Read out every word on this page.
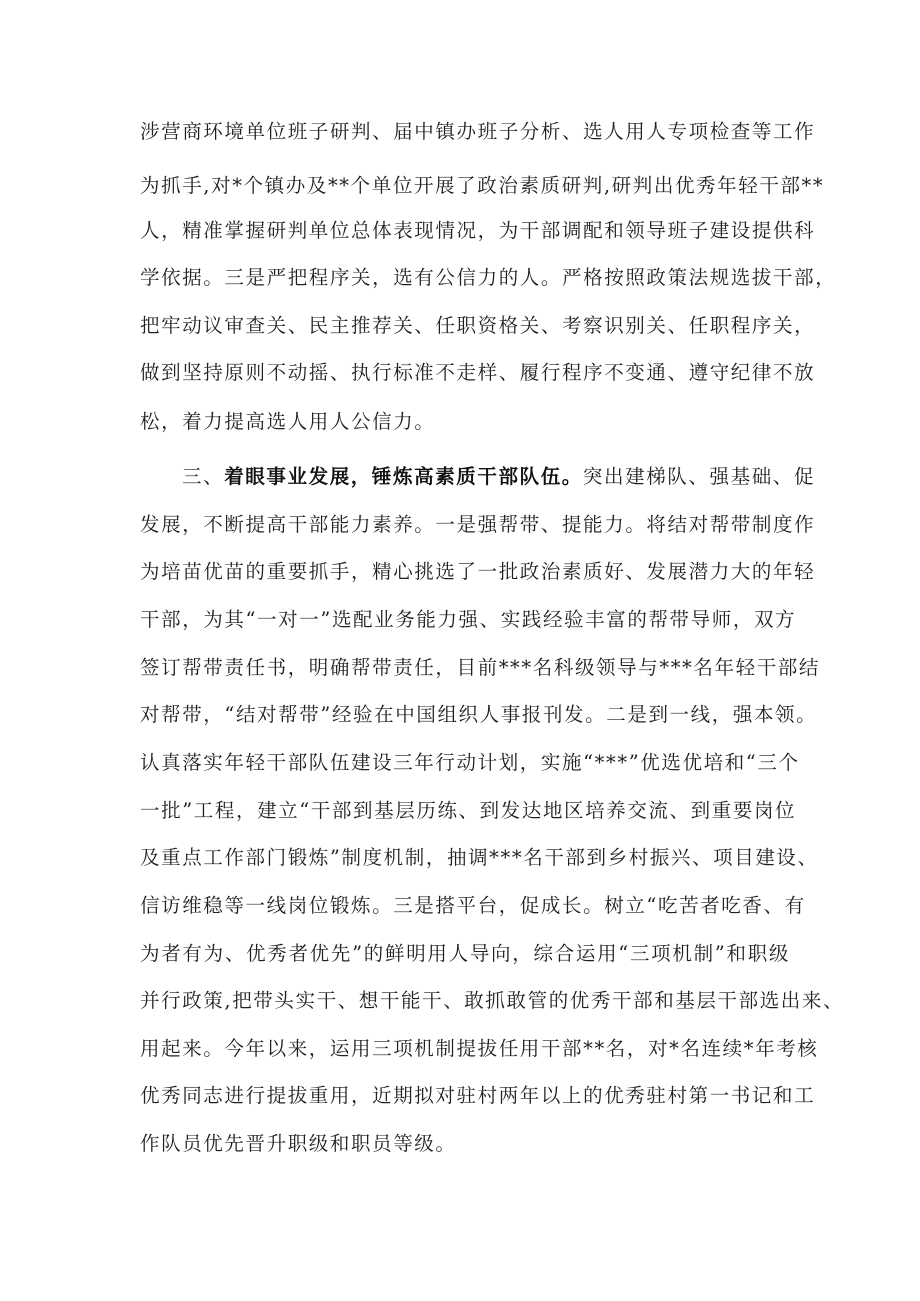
涉营商环境单位班子研判、届中镇办班子分析、选人用人专项检查等工作
为抓手,对*个镇办及**个单位开展了政治素质研判,研判出优秀年轻干部**
人，精准掌握研判单位总体表现情况，为干部调配和领导班子建设提供科
学依据。三是严把程序关，选有公信力的人。严格按照政策法规选拔干部，
把牢动议审查关、民主推荐关、任职资格关、考察识别关、任职程序关，
做到坚持原则不动摇、执行标准不走样、履行程序不变通、遵守纪律不放
松，着力提高选人用人公信力。
三、着眼事业发展，锤炼高素质干部队伍。突出建梯队、强基础、促
发展，不断提高干部能力素养。一是强帮带、提能力。将结对帮带制度作
为培苗优苗的重要抓手，精心挑选了一批政治素质好、发展潜力大的年轻
干部，为其“一对一”选配业务能力强、实践经验丰富的帮带导师，双方
签订帮带责任书，明确帮带责任，目前***名科级领导与***名年轻干部结
对帮带，“结对帮带”经验在中国组织人事报刊发。二是到一线，强本领。
认真落实年轻干部队伍建设三年行动计划，实施“***”优选优培和“三个
一批”工程，建立“干部到基层历练、到发达地区培养交流、到重要岗位
及重点工作部门锻炼”制度机制，抽调***名干部到乡村振兴、项目建设、
信访维稳等一线岗位锻炼。三是搭平台，促成长。树立“吃苦者吃香、有
为者有为、优秀者优先”的鲜明用人导向，综合运用“三项机制”和职级
并行政策,把带头实干、想干能干、敢抓敢管的优秀干部和基层干部选出来、
用起来。今年以来，运用三项机制提拔任用干部**名，对*名连续*年考核
优秀同志进行提拔重用，近期拟对驻村两年以上的优秀驻村第一书记和工
作队员优先晋升职级和职员等级。
